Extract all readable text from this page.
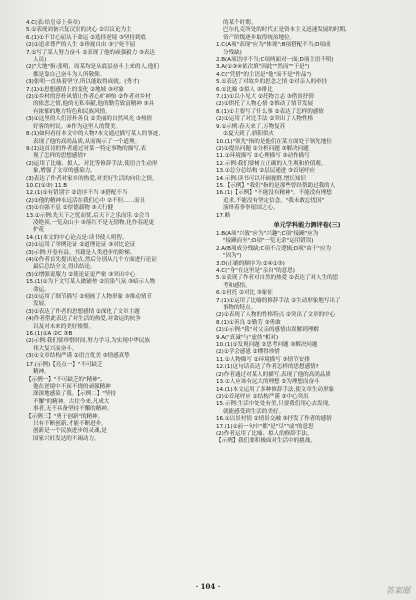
4.C(表:给皇帝上奏章)

5.①表现刘备兴复汉室的决心 ②以议论为主

6.(1)①不甘心屈从于命运 ②选择逆境 ③坚持到底

(2)①追求尊严的人生 ②珍视自由 ③宁死不屈

7.①写了某人努力奋斗 ②表现了他的顽强毅力 ③表达

人员)

(2)"大地"指:张明、周某均是从底层奋斗上来的人,他们

都是靠自己奋斗为人所敬仰。

(3)张明一直执着坚守,所以能取得成就。(秀才)

7.(1)①思想感情上的变化 ②地域 ③对象

(2)①乡村的淳朴风情让作者心旷神怡 ②作者对乡村

的依恋之情,他的无私奉献,他的勤劳致富精神 ③具

有浓郁的地方特色和民族风情。

(3)①这里的人们淳朴善良 ②美丽的自然风光 ③热情

好客的村民。④作为这里人的赞美。

8.(1)如何看待本文中的人物?本文通过描写某人的事迹,

表现了他的高尚品质,从而揭示了一个道理。

9.(1)这首诗的作者通过对某一特定事物的描写,表

现了怎样的思想感情?

(2)运用了比喻、拟人、对比等修辞手法,使语言生动形

象,增强了文章的感染力。

(3)表达了作者对家乡的热爱,对美好生活的向往之情。

10.C(①③) 11.B

12.(1)①有错别字 ②语序不当 ③搭配不当

(2)①他的精神永远活在我们心中 ②不但……而且

(3)①自强不息 ②厚德载物 ③天行健

13.①示例:先天下之忧而忧,后天下之乐而乐 ②会当

凌绝顶,一览众山小 ③落红不是无情物,化作春泥更

护花

14.(1)本文的中心论点是:读书使人明智。

(2)①运用了举例论证 ②道理论证 ③对比论证

(3)示例:开卷有益。书籍是人类进步的阶梯。

(4)①作者首先提出论点,然后分别从几个方面进行论证

最后总结全文,得出结论。

(5)①增强说服力 ②使论证更严密 ③突出中心

15.(1)①为下文写某人做铺垫 ②渲染气氛 ③暗示人物

命运。

(2)①运用了细节描写 ②刻画了人物形象 ③推动情节

发展。

(3)①表达了作者的思想感情 ②深化了文章主题

(4)作者借此表达了对生活的热爱,对命运的抗争

以及对未来的美好憧憬。

16.(1)①A ②C ③B

(2)示例:我们要珍惜时间,努力学习,为实现中华民族

伟大复兴而奋斗。

(3)①文章结构严谨 ②语言优美 ③情感真挚

17.(示例)【亮点一】"不可缺乏

精神。

【示例一】"不可缺乏的"精神"。

他在逆境中不屈不挠的顽强精神

深深地感染了我。【示例二】"坚持

不懈"的精神。古往今来,凡成大

事者,无不具备坚持不懈的精神。

【示例三】"勇于创新"的精神。

只有不断创新,才能不断进步。

创新是一个民族进步的灵魂,是

国家兴旺发达的不竭动力。

的某个时期。

巴尔扎克所处的时代正是资本主义迅速发展的时期,

资产阶级逐步取得统治地位。

1.C(A项"表现"应为"体现";B项搭配不当;D项成

分残缺)

2.B(A项语序不当;C项两面对一面;D项主语不明)

3.A(①③④依次填"因此""然而""于是")

4.C("凭借"的主语是"他"而不是"作品")

5.①表达了对故乡的思念之情 ②对亲人的牵挂

6.①比喻 ②拟人 ③排比

7.(1)①以小见大 ②托物言志 ③借景抒情

(2)①烘托了人物心情 ②推动了情节发展

8.(1)①主要写了什么事 ②表达了怎样的感情

(2)①运用了对比手法 ②突出了人物性格

9.①示例:春天来了,万物复苏

②夏天到了,骄阳似火

10.(1)"领先"指的是他们在某方面处于领先地位

(2)①提出问题 ②分析问题 ③解决问题

11.①环境描写 ②心理描写 ③动作描写

12.示例:我们要树立正确的人生观和价值观。

13.①总分总结构 ②层层递进 ③首尾呼应

14.示例:读书可以开阔视野,增长知识

15.【示例】"我们"指的是那些曾经帮助过我的人

16.(1)【示例】"不能没有精神"。不能没有理想

追求,不能没有坚定信念。"我未敢忘忧国"

演绎着拳拳报国之心。

17.略

单元学科能力测评卷(三)

1.B(A项"兴致"应为"兴趣";C项"接踵"应为

"接踵而至";D项"一览无余"运用错误)

2.A(B项成分残缺;C项不合逻辑;D项"由于"应为

"因为")

3.D(正确的顺序为:②④①③)

4.C("身"在这里是"亲自"的意思)

5.①表现了作者对自然的热爱 ②表达了对人生的思

考和感悟。

6.①衬托 ②对比 ③象征

7.(1)①运用了比喻的修辞手法 ②生动形象地写出了

事物的特点。

(2)①表现了人物的性格特点 ②突出了文章的中心

8.(1)①善良 ②勤劳 ③勇敢

(2)①示例:"我"对父亲的感情由误解到理解

9.A("真诚"与"虚伪"相对)

10.(1)①发现问题 ②思考问题 ③解决问题

(2)①学会感恩 ②懂得珍惜

11.①人物描写 ②环境描写 ③情节安排

12.(1)这句话表达了作者怎样的思想感情?

(2)作者通过对某人的描写,表现了他的高尚品质

13.①人应该有远大的理想 ②为理想而奋斗

14.(1)本文运用了多种修辞手法,使文章生动形象

(2)①首尾呼应 ②结构严谨 ③中心突出

15.示例:生活中处处有美,只要我们用心去发现,

就能感受到生活的美好。

16.①以景衬情 ②情景交融 ③抒发了作者的感情

17.(1)①前一句中"都"是"尽""或"的意思

(2)作者运用了比喻、拟人的修辞手法。

【示例】我们要积极面对生活中的挑战。

· 104 ·	答案圈
